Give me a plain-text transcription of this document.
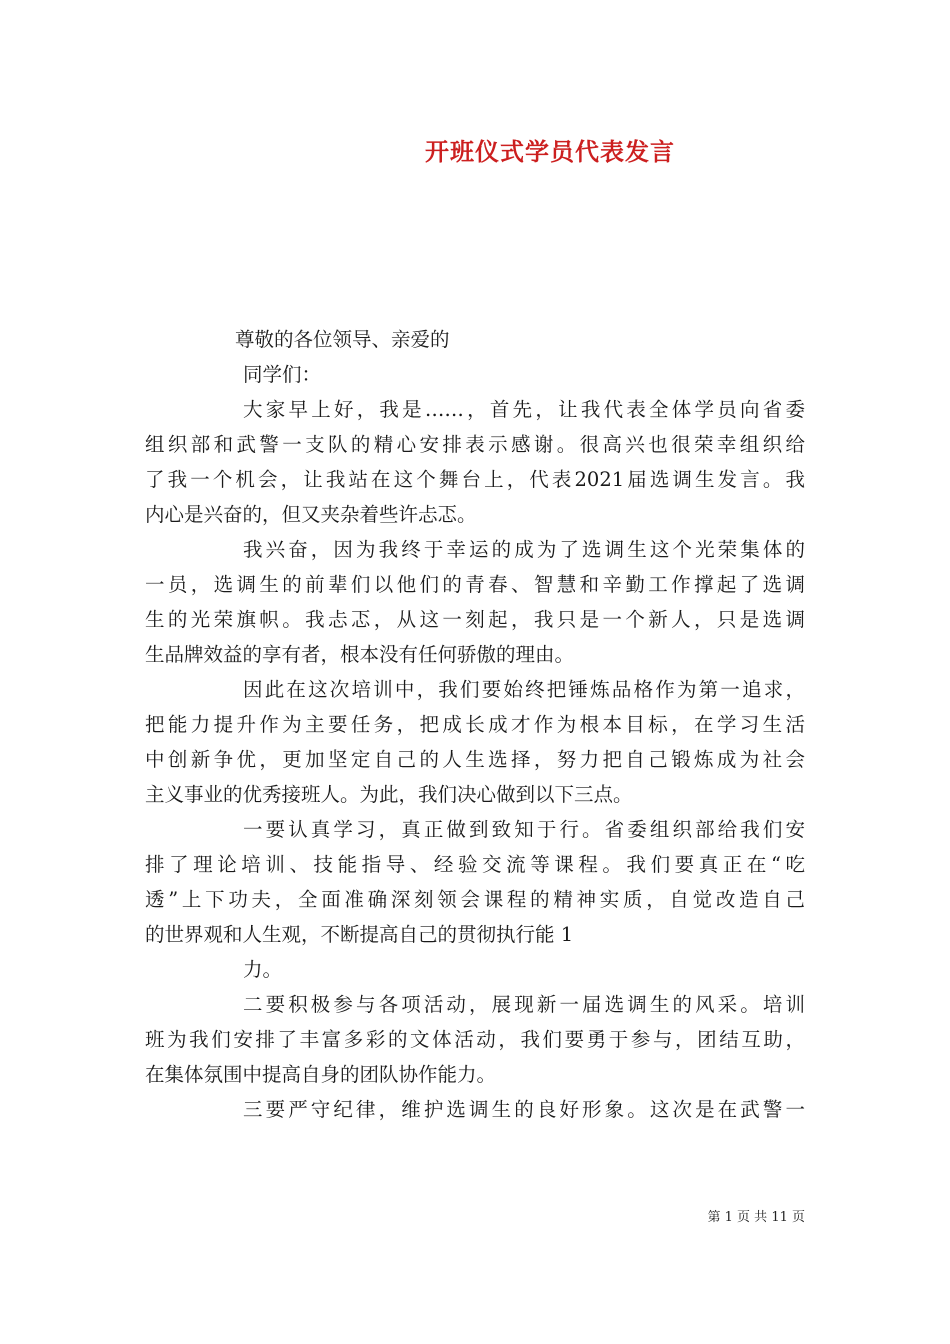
开班仪式学员代表发言
尊敬的各位领导、亲爱的
同学们：
大家早上好，我是……，首先，让我代表全体学员向省委
组织部和武警一支队的精心安排表示感谢。很高兴也很荣幸组织给
了我一个机会，让我站在这个舞台上，代表2021届选调生发言。我
内心是兴奋的，但又夹杂着些许忐忑。
我兴奋，因为我终于幸运的成为了选调生这个光荣集体的
一员，选调生的前辈们以他们的青春、智慧和辛勤工作撑起了选调
生的光荣旗帜。我忐忑，从这一刻起，我只是一个新人，只是选调
生品牌效益的享有者，根本没有任何骄傲的理由。
因此在这次培训中，我们要始终把锤炼品格作为第一追求，
把能力提升作为主要任务，把成长成才作为根本目标，在学习生活
中创新争优，更加坚定自己的人生选择，努力把自己锻炼成为社会
主义事业的优秀接班人。为此，我们决心做到以下三点。
一要认真学习，真正做到致知于行。省委组织部给我们安
排了理论培训、技能指导、经验交流等课程。我们要真正在“吃
透”上下功夫，全面准确深刻领会课程的精神实质，自觉改造自己
的世界观和人生观，不断提高自己的贯彻执行能 1
力。
二要积极参与各项活动，展现新一届选调生的风采。培训
班为我们安排了丰富多彩的文体活动，我们要勇于参与，团结互助，
在集体氛围中提高自身的团队协作能力。
三要严守纪律，维护选调生的良好形象。这次是在武警一
第 1 页 共 11 页
